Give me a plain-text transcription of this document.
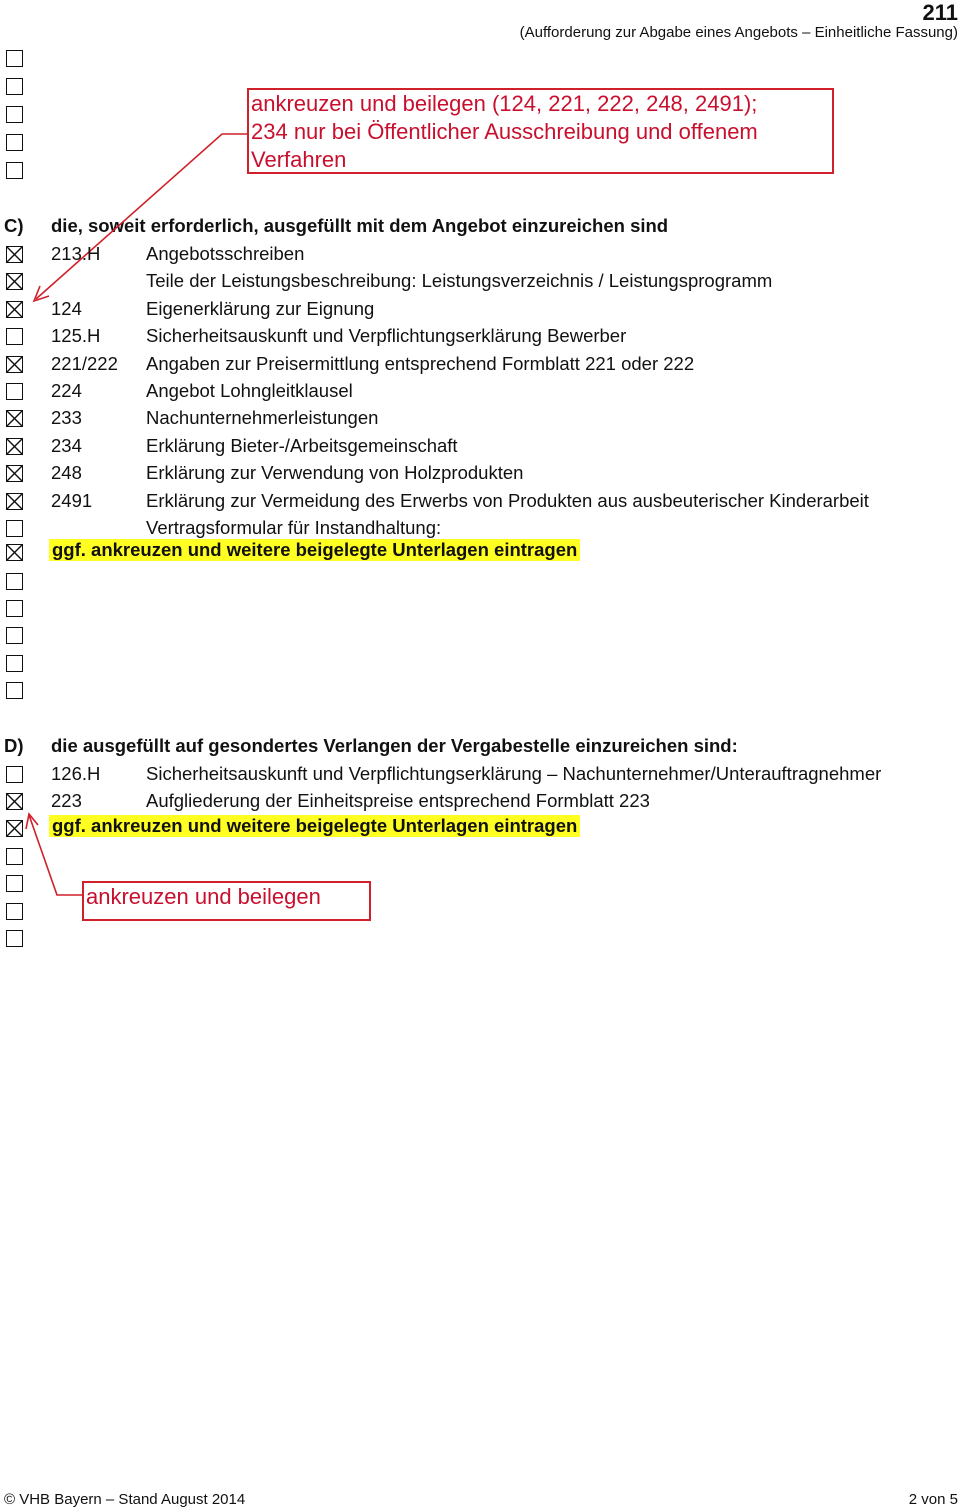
211
(Aufforderung zur Abgabe eines Angebots – Einheitliche Fassung)
C) die, soweit erforderlich, ausgefüllt mit dem Angebot einzureichen sind
D) die ausgefüllt auf gesondertes Verlangen der Vergabestelle einzureichen sind:
ggf. ankreuzen und weitere beigelegte Unterlagen eintragen
ggf. ankreuzen und weitere beigelegte Unterlagen eintragen
ankreuzen und beilegen (124, 221, 222, 248, 2491);
234 nur bei Öffentlicher Ausschreibung und offenem
Verfahren
ankreuzen und beilegen
© VHB Bayern – Stand August 2014	2 von 5
213.H Angebotsschreiben
Teile der Leistungsbeschreibung: Leistungsverzeichnis / Leistungsprogramm
124	Eigenerklärung zur Eignung
125.H Sicherheitsauskunft und Verpflichtungserklärung Bewerber
221/222 Angaben zur Preisermittlung entsprechend Formblatt 221 oder 222
224	Angebot Lohngleitklausel
233	Nachunternehmerleistungen
234	Erklärung Bieter-/Arbeitsgemeinschaft
248	Erklärung zur Verwendung von Holzprodukten
2491	Erklärung zur Vermeidung des Erwerbs von Produkten aus ausbeuterischer Kinderarbeit
Vertragsformular für Instandhaltung:
126.H Sicherheitsauskunft und Verpflichtungserklärung – Nachunternehmer/Unterauftragnehmer
223	Aufgliederung der Einheitspreise entsprechend Formblatt 223
